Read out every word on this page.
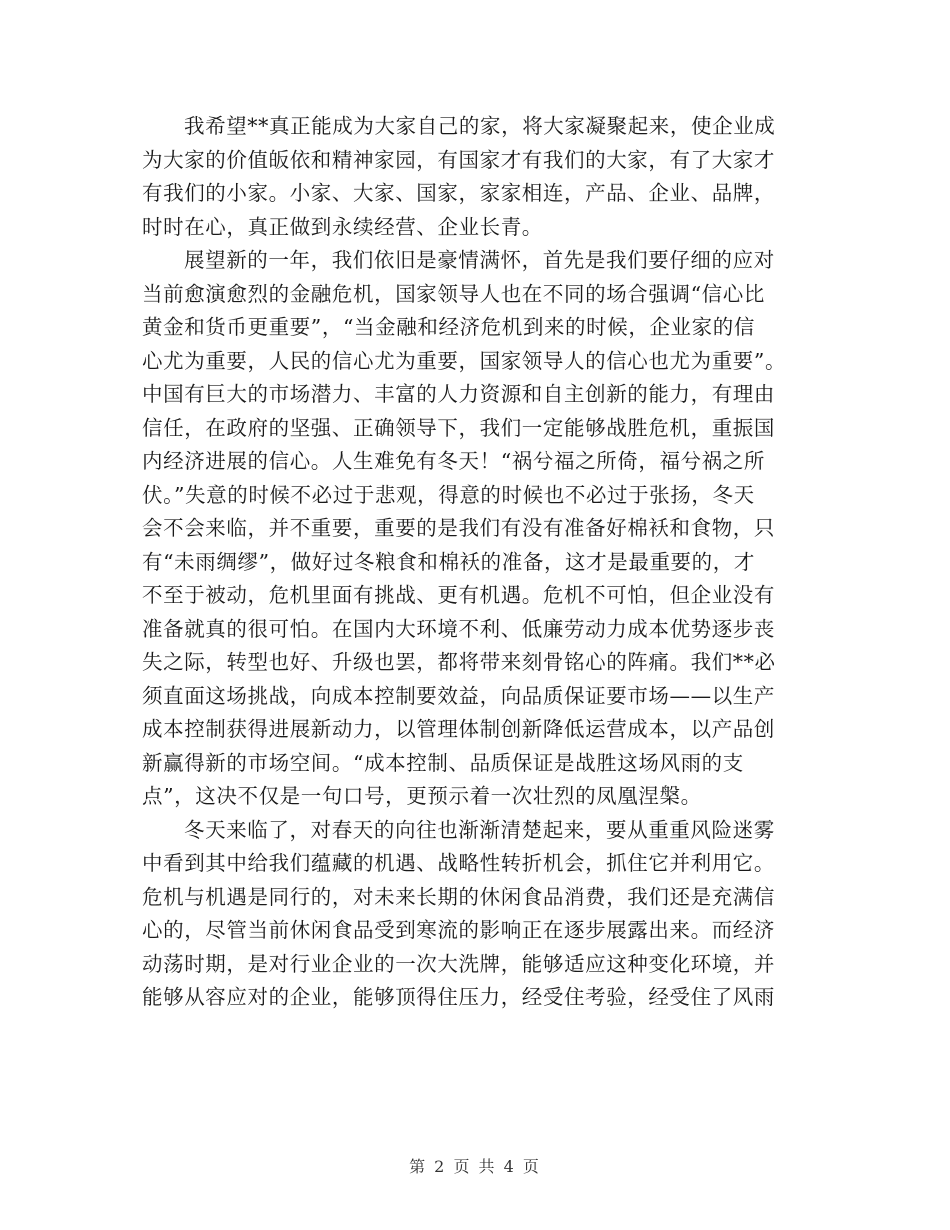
我希望**真正能成为大家自己的家，将大家凝聚起来，使企业成
为大家的价值皈依和精神家园，有国家才有我们的大家，有了大家才
有我们的小家。小家、大家、国家，家家相连，产品、企业、品牌，
时时在心，真正做到永续经营、企业长青。
展望新的一年，我们依旧是豪情满怀，首先是我们要仔细的应对
当前愈演愈烈的金融危机，国家领导人也在不同的场合强调“信心比
黄金和货币更重要”，“当金融和经济危机到来的时候，企业家的信
心尤为重要，人民的信心尤为重要，国家领导人的信心也尤为重要”。
中国有巨大的市场潜力、丰富的人力资源和自主创新的能力，有理由
信任，在政府的坚强、正确领导下，我们一定能够战胜危机，重振国
内经济进展的信心。人生难免有冬天！“祸兮福之所倚，福兮祸之所
伏。”失意的时候不必过于悲观，得意的时候也不必过于张扬，冬天
会不会来临，并不重要，重要的是我们有没有准备好棉袄和食物，只
有“未雨绸缪”，做好过冬粮食和棉袄的准备，这才是最重要的，才
不至于被动，危机里面有挑战、更有机遇。危机不可怕，但企业没有
准备就真的很可怕。在国内大环境不利、低廉劳动力成本优势逐步丧
失之际，转型也好、升级也罢，都将带来刻骨铭心的阵痛。我们**必
须直面这场挑战，向成本控制要效益，向品质保证要市场——以生产
成本控制获得进展新动力，以管理体制创新降低运营成本，以产品创
新赢得新的市场空间。“成本控制、品质保证是战胜这场风雨的支
点”，这决不仅是一句口号，更预示着一次壮烈的凤凰涅槃。
冬天来临了，对春天的向往也渐渐清楚起来，要从重重风险迷雾
中看到其中给我们蕴藏的机遇、战略性转折机会，抓住它并利用它。
危机与机遇是同行的，对未来长期的休闲食品消费，我们还是充满信
心的，尽管当前休闲食品受到寒流的影响正在逐步展露出来。而经济
动荡时期，是对行业企业的一次大洗牌，能够适应这种变化环境，并
能够从容应对的企业，能够顶得住压力，经受住考验，经受住了风雨
第 2 页 共 4 页
